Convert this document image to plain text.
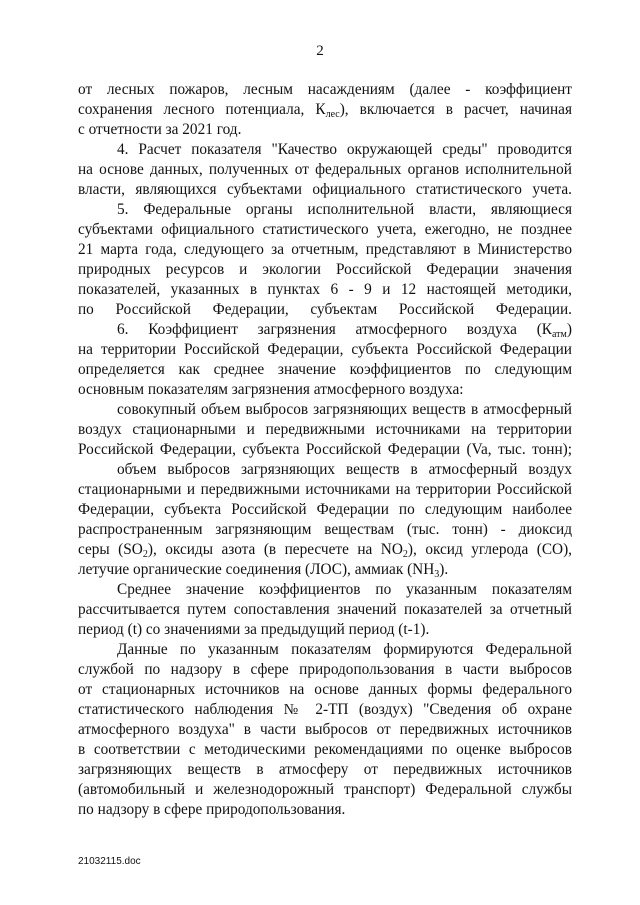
2
от лесных пожаров, лесным насаждениям (далее - коэффициент
сохранения лесного потенциала, $К_{лес}$), включается в расчет, начиная
с отчетности за 2021 год.
4. Расчет показателя "Качество окружающей среды" проводится
на основе данных, полученных от федеральных органов исполнительной
власти, являющихся субъектами официального статистического учета.
5. Федеральные органы исполнительной власти, являющиеся
субъектами официального статистического учета, ежегодно, не позднее
21 марта года, следующего за отчетным, представляют в Министерство
природных ресурсов и экологии Российской Федерации значения
показателей, указанных в пунктах 6 - 9 и 12 настоящей методики,
по Российской Федерации, субъектам Российской Федерации.
6. Коэффициент загрязнения атмосферного воздуха $(К_{атм})$
на территории Российской Федерации, субъекта Российской Федерации
определяется как среднее значение коэффициентов по следующим
основным показателям загрязнения атмосферного воздуха:
совокупный объем выбросов загрязняющих веществ в атмосферный
воздух стационарными и передвижными источниками на территории
Российской Федерации, субъекта Российской Федерации (Va, тыс. тонн);
объем выбросов загрязняющих веществ в атмосферный воздух
стационарными и передвижными источниками на территории Российской
Федерации, субъекта Российской Федерации по следующим наиболее
распространенным загрязняющим веществам (тыс. тонн) - диоксид
серы $(SO_2)$, оксиды азота (в пересчете на $NO_2$), оксид углерода (CO),
летучие органические соединения (ЛОС), аммиак $(NH_3)$.
Среднее значение коэффициентов по указанным показателям
рассчитывается путем сопоставления значений показателей за отчетный
период (t) со значениями за предыдущий период (t-1).
Данные по указанным показателям формируются Федеральной
службой по надзору в сфере природопользования в части выбросов
от стационарных источников на основе данных формы федерального
статистического наблюдения № 2-ТП (воздух) "Сведения об охране
атмосферного воздуха" в части выбросов от передвижных источников
в соответствии с методическими рекомендациями по оценке выбросов
загрязняющих веществ в атмосферу от передвижных источников
(автомобильный и железнодорожный транспорт) Федеральной службы
по надзору в сфере природопользования.
21032115.doc
